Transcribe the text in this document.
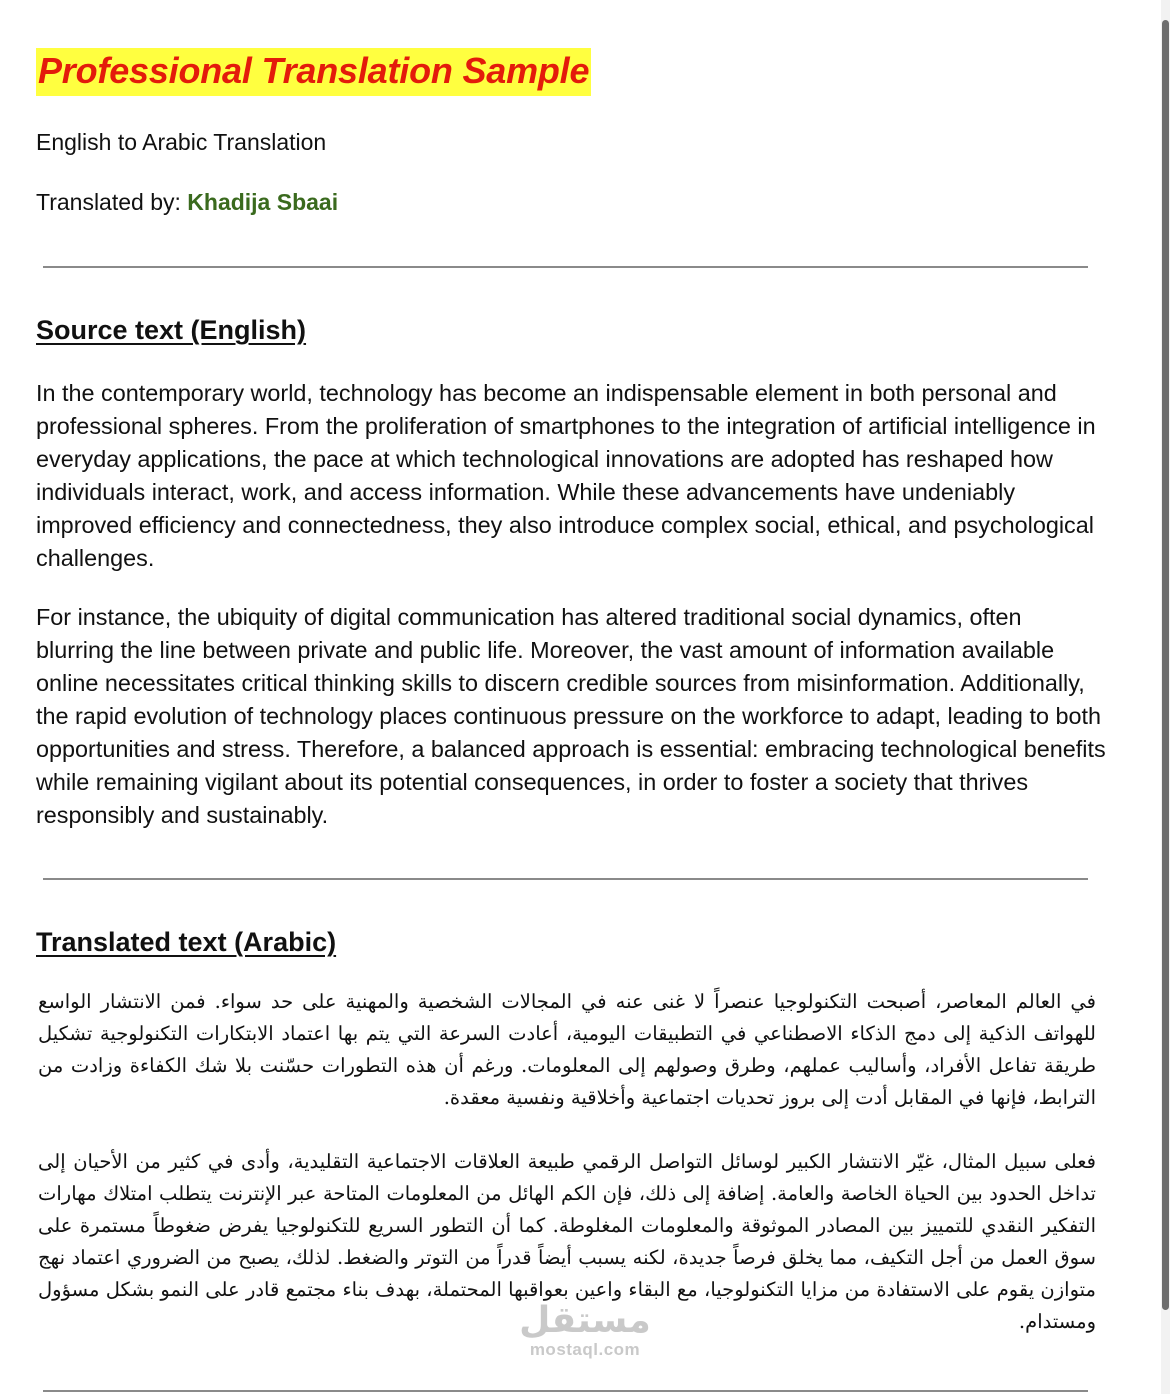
Professional Translation Sample

English to Arabic Translation

Translated by: Khadija Sbaai

Source text (English)

In the contemporary world, technology has become an indispensable element in both personal and professional spheres. From the proliferation of smartphones to the integration of artificial intelligence in everyday applications, the pace at which technological innovations are adopted has reshaped how individuals interact, work, and access information. While these advancements have undeniably improved efficiency and connectedness, they also introduce complex social, ethical, and psychological challenges.

For instance, the ubiquity of digital communication has altered traditional social dynamics, often blurring the line between private and public life. Moreover, the vast amount of information available online necessitates critical thinking skills to discern credible sources from misinformation. Additionally, the rapid evolution of technology places continuous pressure on the workforce to adapt, leading to both opportunities and stress. Therefore, a balanced approach is essential: embracing technological benefits while remaining vigilant about its potential consequences, in order to foster a society that thrives responsibly and sustainably.

Translated text (Arabic)

في العالم المعاصر، أصبحت التكنولوجيا عنصراً لا غنى عنه في المجالات الشخصية والمهنية على حد سواء. فمن الانتشار الواسع للهواتف الذكية إلى دمج الذكاء الاصطناعي في التطبيقات اليومية، أعادت السرعة التي يتم بها اعتماد الابتكارات التكنولوجية تشكيل طريقة تفاعل الأفراد، وأساليب عملهم، وطرق وصولهم إلى المعلومات. ورغم أن هذه التطورات حسّنت بلا شك الكفاءة وزادت من الترابط، فإنها في المقابل أدت إلى بروز تحديات اجتماعية وأخلاقية ونفسية معقدة.

فعلى سبيل المثال، غيّر الانتشار الكبير لوسائل التواصل الرقمي طبيعة العلاقات الاجتماعية التقليدية، وأدى في كثير من الأحيان إلى تداخل الحدود بين الحياة الخاصة والعامة. إضافة إلى ذلك، فإن الكم الهائل من المعلومات المتاحة عبر الإنترنت يتطلب امتلاك مهارات التفكير النقدي للتمييز بين المصادر الموثوقة والمعلومات المغلوطة. كما أن التطور السريع للتكنولوجيا يفرض ضغوطاً مستمرة على سوق العمل من أجل التكيف، مما يخلق فرصاً جديدة، لكنه يسبب أيضاً قدراً من التوتر والضغط. لذلك، يصبح من الضروري اعتماد نهج متوازن يقوم على الاستفادة من مزايا التكنولوجيا، مع البقاء واعين بعواقبها المحتملة، بهدف بناء مجتمع قادر على النمو بشكل مسؤول ومستدام.

مستقل
mostaql.com
